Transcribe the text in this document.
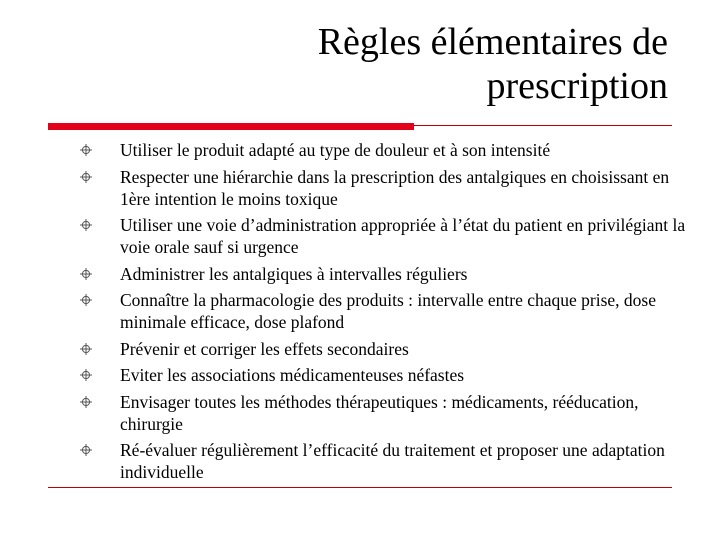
Règles élémentaires de
prescription
Utiliser le produit adapté au type de douleur et à son intensité
Respecter une hiérarchie dans la prescription des antalgiques en choisissant en 1ère intention le moins toxique
Utiliser une voie d’administration appropriée à l’état du patient en privilégiant la voie orale sauf si urgence
Administrer les antalgiques à intervalles réguliers
Connaître la pharmacologie des produits : intervalle entre chaque prise, dose minimale efficace, dose plafond
Prévenir et corriger les effets secondaires
Eviter les associations médicamenteuses néfastes
Envisager toutes les méthodes thérapeutiques : médicaments, rééducation, chirurgie
Ré-évaluer régulièrement l’efficacité du traitement et proposer une adaptation individuelle
